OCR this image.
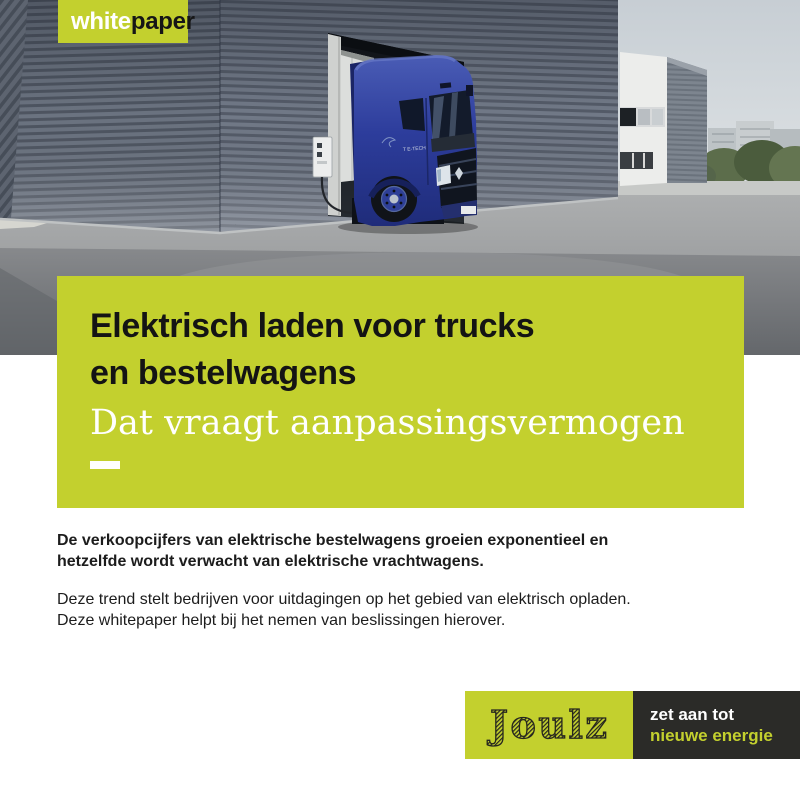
T E-TECH
white paper
Elektrisch laden voor trucks
en bestelwagens
Dat vraagt aanpassingsvermogen
De verkoopcijfers van elektrische bestelwagens groeien exponentieel en
hetzelfde wordt verwacht van elektrische vrachtwagens.
Deze trend stelt bedrijven voor uitdagingen op het gebied van elektrisch opladen.
Deze whitepaper helpt bij het nemen van beslissingen hierover.
Joulz zet aan tot
nieuwe energie
